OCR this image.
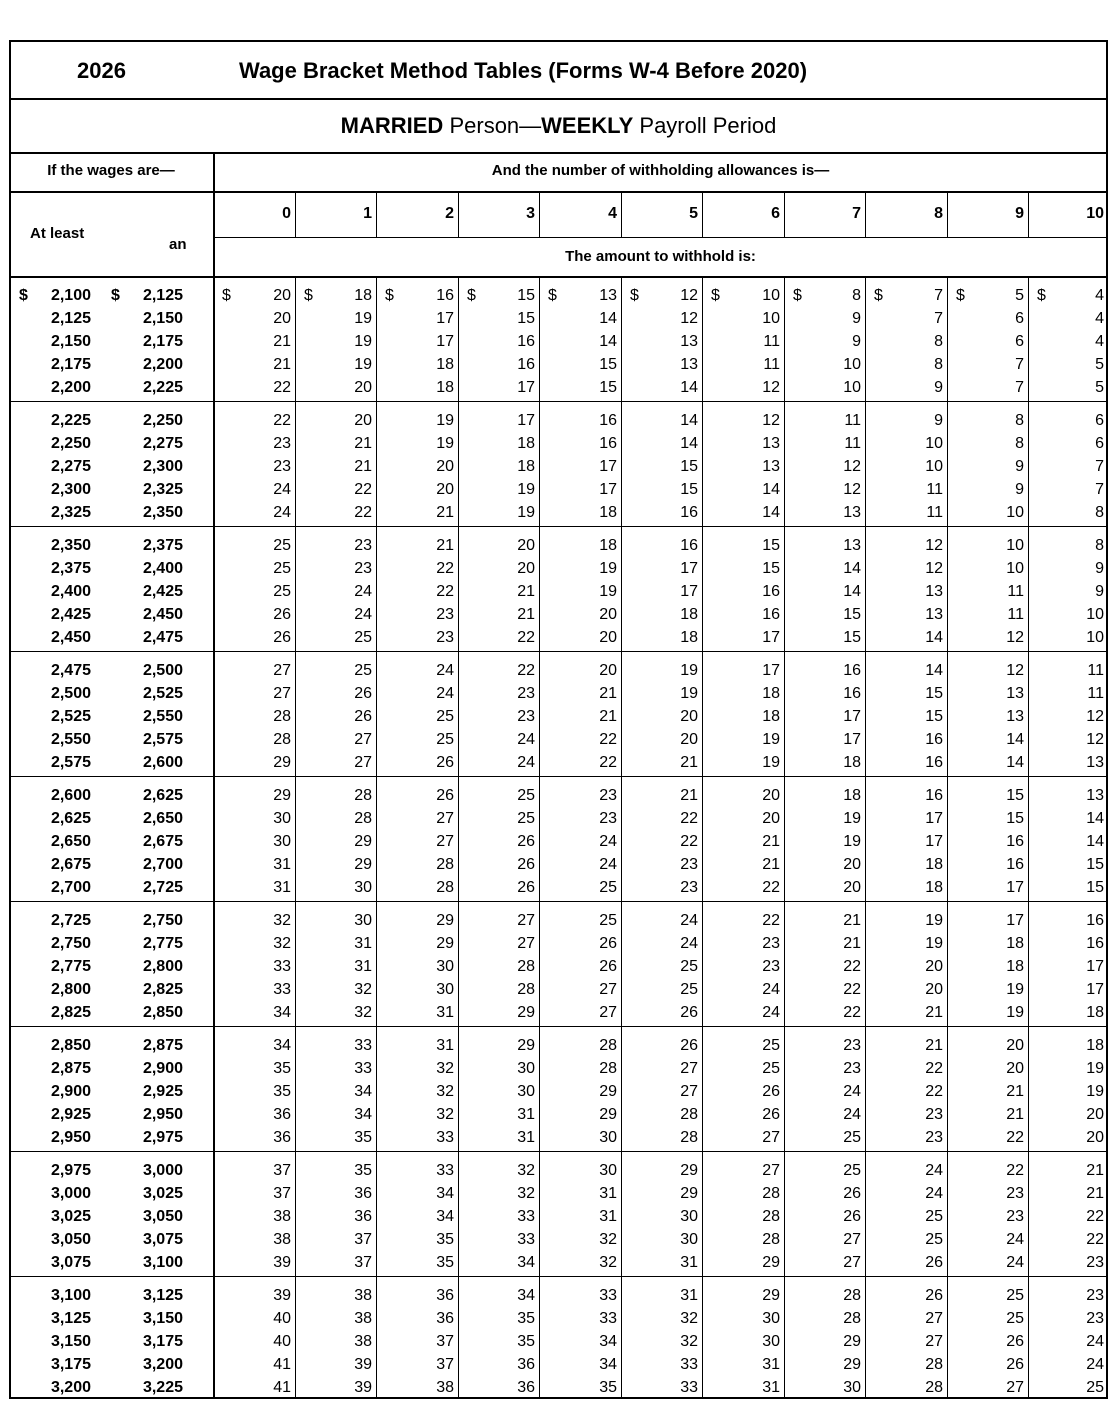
2026	Wage Bracket Method Tables (Forms W-4 Before 2020)
MARRIED Person—WEEKLY Payroll Period
If the wages are—	And the number of withholding allowances is—
At least
an
The amount to withhold is:
0	1	2	3	4	5	6	7	8	9	10
$	$	$	$	$	$	$	$	$	$	$	$	$
2,100	2,125	20	18	16	15	13	12	10	8	7	5	4
2,125	2,150	20	19	17	15	14	12	10	9	7	6	4
2,150	2,175	21	19	17	16	14	13	11	9	8	6	4
2,175	2,200	21	19	18	16	15	13	11	10	8	7	5
2,200	2,225	22	20	18	17	15	14	12	10	9	7	5
2,225	2,250	22	20	19	17	16	14	12	11	9	8	6
2,250	2,275	23	21	19	18	16	14	13	11	10	8	6
2,275	2,300	23	21	20	18	17	15	13	12	10	9	7
2,300	2,325	24	22	20	19	17	15	14	12	11	9	7
2,325	2,350	24	22	21	19	18	16	14	13	11	10	8
2,350	2,375	25	23	21	20	18	16	15	13	12	10	8
2,375	2,400	25	23	22	20	19	17	15	14	12	10	9
2,400	2,425	25	24	22	21	19	17	16	14	13	11	9
2,425	2,450	26	24	23	21	20	18	16	15	13	11	10
2,450	2,475	26	25	23	22	20	18	17	15	14	12	10
2,475	2,500	27	25	24	22	20	19	17	16	14	12	11
2,500	2,525	27	26	24	23	21	19	18	16	15	13	11
2,525	2,550	28	26	25	23	21	20	18	17	15	13	12
2,550	2,575	28	27	25	24	22	20	19	17	16	14	12
2,575	2,600	29	27	26	24	22	21	19	18	16	14	13
2,600	2,625	29	28	26	25	23	21	20	18	16	15	13
2,625	2,650	30	28	27	25	23	22	20	19	17	15	14
2,650	2,675	30	29	27	26	24	22	21	19	17	16	14
2,675	2,700	31	29	28	26	24	23	21	20	18	16	15
2,700	2,725	31	30	28	26	25	23	22	20	18	17	15
2,725	2,750	32	30	29	27	25	24	22	21	19	17	16
2,750	2,775	32	31	29	27	26	24	23	21	19	18	16
2,775	2,800	33	31	30	28	26	25	23	22	20	18	17
2,800	2,825	33	32	30	28	27	25	24	22	20	19	17
2,825	2,850	34	32	31	29	27	26	24	22	21	19	18
2,850	2,875	34	33	31	29	28	26	25	23	21	20	18
2,875	2,900	35	33	32	30	28	27	25	23	22	20	19
2,900	2,925	35	34	32	30	29	27	26	24	22	21	19
2,925	2,950	36	34	32	31	29	28	26	24	23	21	20
2,950	2,975	36	35	33	31	30	28	27	25	23	22	20
2,975	3,000	37	35	33	32	30	29	27	25	24	22	21
3,000	3,025	37	36	34	32	31	29	28	26	24	23	21
3,025	3,050	38	36	34	33	31	30	28	26	25	23	22
3,050	3,075	38	37	35	33	32	30	28	27	25	24	22
3,075	3,100	39	37	35	34	32	31	29	27	26	24	23
3,100	3,125	39	38	36	34	33	31	29	28	26	25	23
3,125	3,150	40	38	36	35	33	32	30	28	27	25	23
3,150	3,175	40	38	37	35	34	32	30	29	27	26	24
3,175	3,200	41	39	37	36	34	33	31	29	28	26	24
3,200	3,225	41	39	38	36	35	33	31	30	28	27	25
